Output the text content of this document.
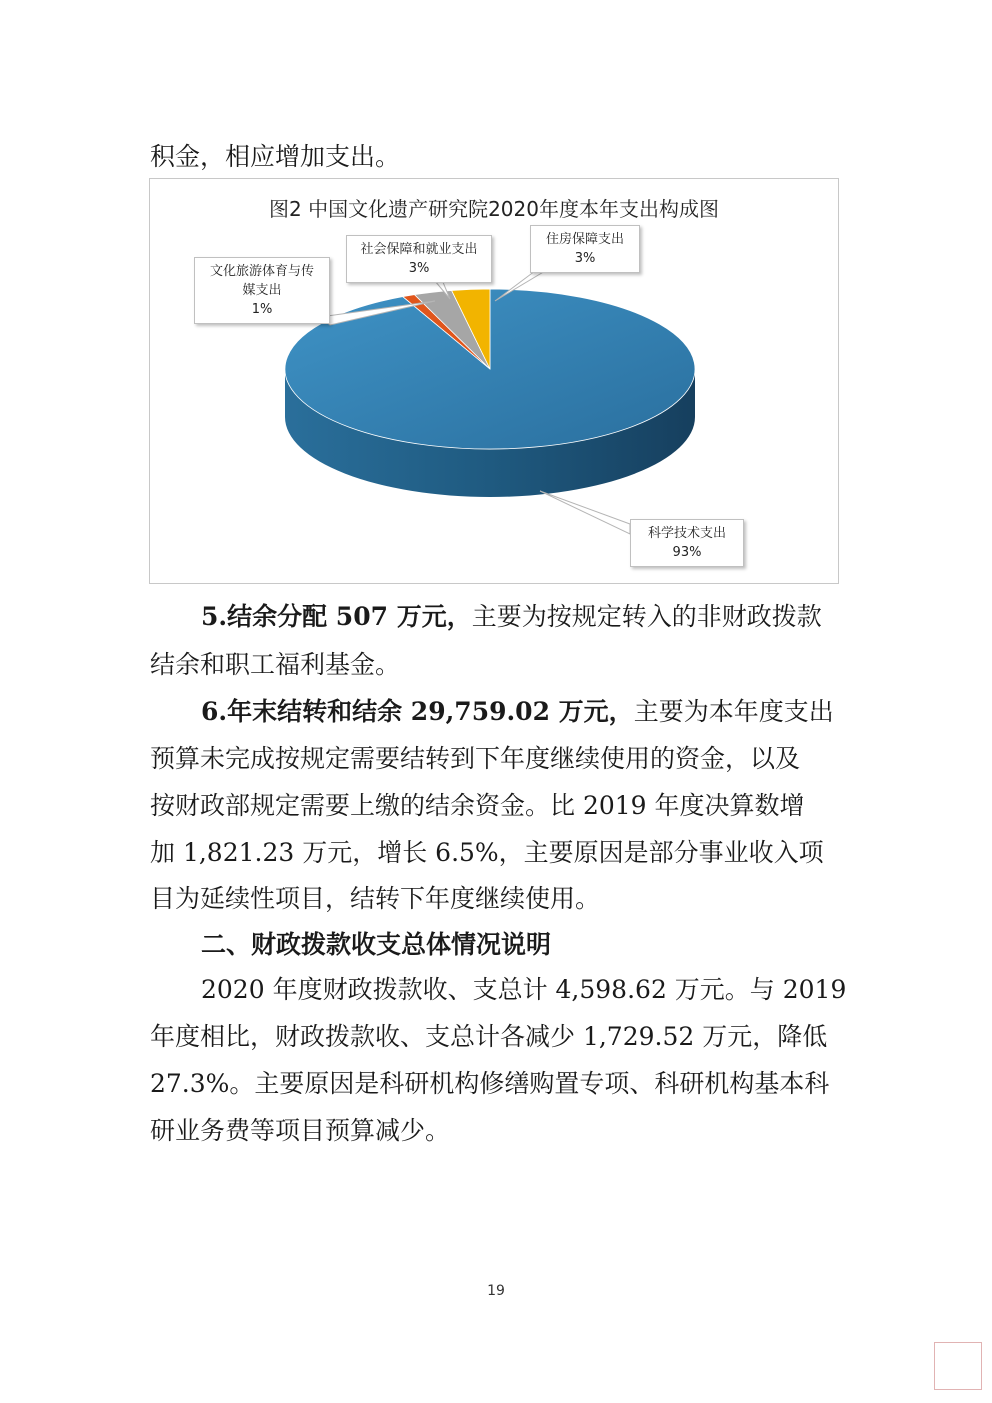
积金，相应增加支出。
图2 中国文化遗产研究院2020年度本年支出构成图
文化旅游体育与传
媒支出
1%
社会保障和就业支出
3%
住房保障支出
3%
科学技术支出
93%
5.结余分配 507 万元，主要为按规定转入的非财政拨款
结余和职工福利基金。
6.年末结转和结余 29,759.02 万元，主要为本年度支出
预算未完成按规定需要结转到下年度继续使用的资金，以及
按财政部规定需要上缴的结余资金。比 2019 年度决算数增
加 1,821.23 万元，增长 6.5%，主要原因是部分事业收入项
目为延续性项目，结转下年度继续使用。
二、财政拨款收支总体情况说明
2020 年度财政拨款收、支总计 4,598.62 万元。与 2019
年度相比，财政拨款收、支总计各减少 1,729.52 万元，降低
27.3%。主要原因是科研机构修缮购置专项、科研机构基本科
研业务费等项目预算减少。
19
